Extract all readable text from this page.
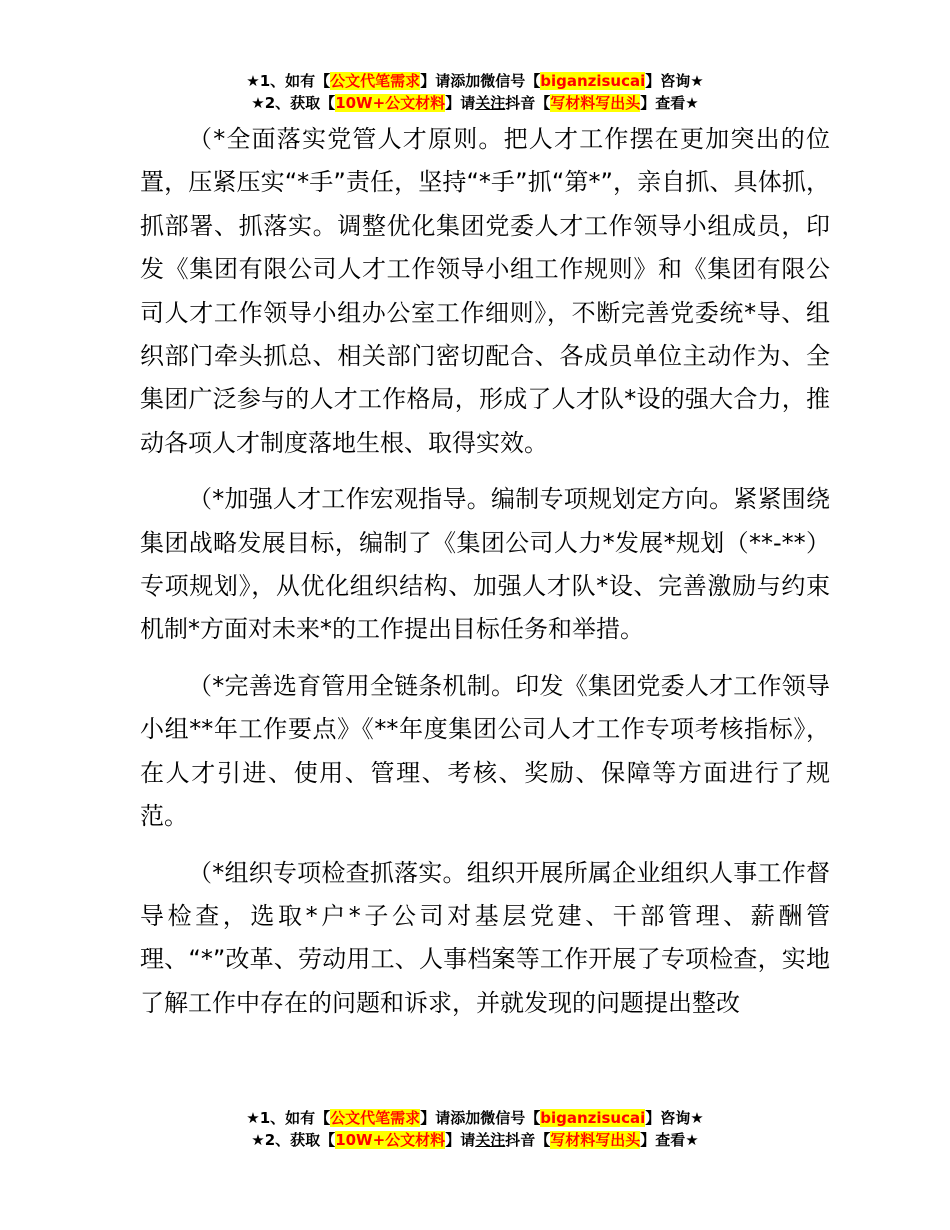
★1、如有【公文代笔需求】请添加微信号【biganzisucai】咨询★
★2、获取【10W+公文材料】请关注抖音【写材料写出头】查看★

（*全面落实党管人才原则。把人才工作摆在更加突出的位置，压紧压实“*手”责任，坚持“*手”抓“第*”，亲自抓、具体抓，抓部署、抓落实。调整优化集团党委人才工作领导小组成员，印发《集团有限公司人才工作领导小组工作规则》和《集团有限公司人才工作领导小组办公室工作细则》，不断完善党委统*导、组织部门牵头抓总、相关部门密切配合、各成员单位主动作为、全集团广泛参与的人才工作格局，形成了人才队*设的强大合力，推动各项人才制度落地生根、取得实效。

（*加强人才工作宏观指导。编制专项规划定方向。紧紧围绕集团战略发展目标，编制了《集团公司人力*发展*规划（**-**）专项规划》，从优化组织结构、加强人才队*设、完善激励与约束机制*方面对未来*的工作提出目标任务和举措。

（*完善选育管用全链条机制。印发《集团党委人才工作领导小组**年工作要点》《**年度集团公司人才工作专项考核指标》，在人才引进、使用、管理、考核、奖励、保障等方面进行了规范。

（*组织专项检查抓落实。组织开展所属企业组织人事工作督导检查，选取*户*子公司对基层党建、干部管理、薪酬管理、“*”改革、劳动用工、人事档案等工作开展了专项检查，实地了解工作中存在的问题和诉求，并就发现的问题提出整改

★1、如有【公文代笔需求】请添加微信号【biganzisucai】咨询★
★2、获取【10W+公文材料】请关注抖音【写材料写出头】查看★
